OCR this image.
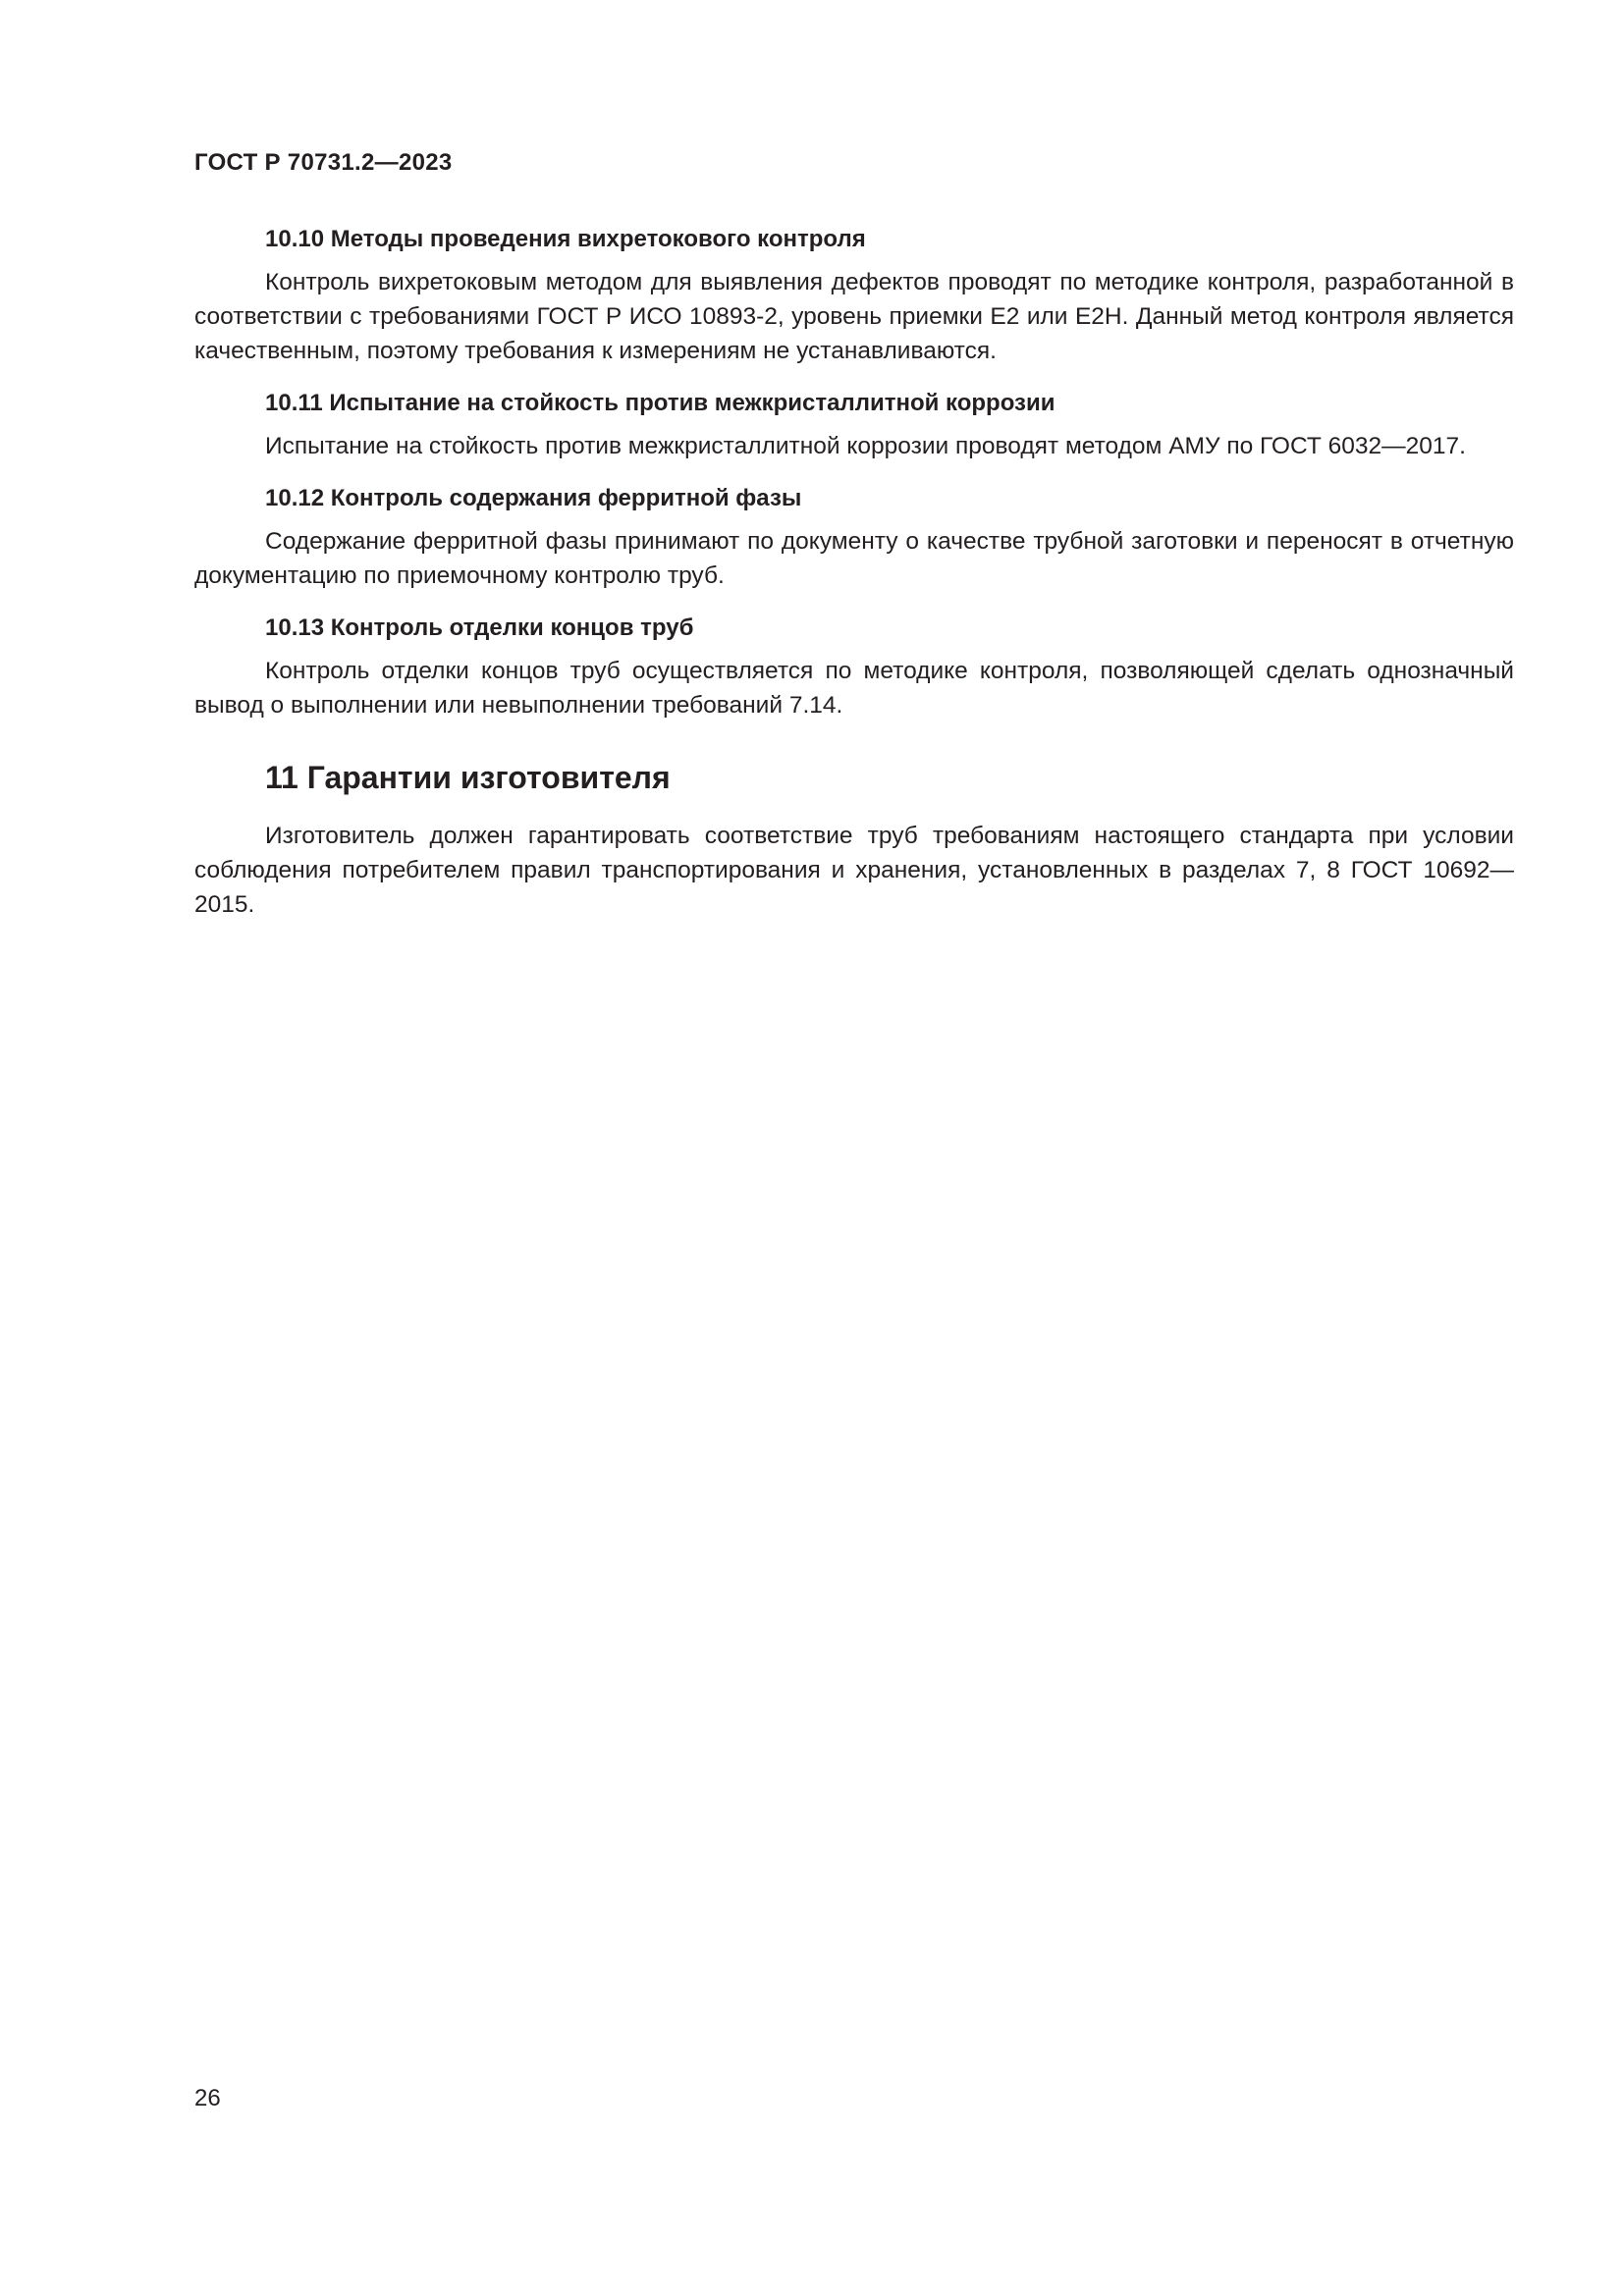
ГОСТ Р 70731.2—2023
10.10 Методы проведения вихретокового контроля

Контроль вихретоковым методом для выявления дефектов проводят по методике контроля, разработанной в соответствии с требованиями ГОСТ Р ИСО 10893-2, уровень приемки Е2 или Е2Н. Данный метод контроля является качественным, поэтому требования к измерениям не устанавливаются.

10.11 Испытание на стойкость против межкристаллитной коррозии

Испытание на стойкость против межкристаллитной коррозии проводят методом АМУ по ГОСТ 6032—2017.

10.12 Контроль содержания ферритной фазы

Содержание ферритной фазы принимают по документу о качестве трубной заготовки и переносят в отчетную документацию по приемочному контролю труб.

10.13 Контроль отделки концов труб

Контроль отделки концов труб осуществляется по методике контроля, позволяющей сделать однозначный вывод о выполнении или невыполнении требований 7.14.

11 Гарантии изготовителя

Изготовитель должен гарантировать соответствие труб требованиям настоящего стандарта при условии соблюдения потребителем правил транспортирования и хранения, установленных в разделах 7, 8 ГОСТ 10692—2015.

26
